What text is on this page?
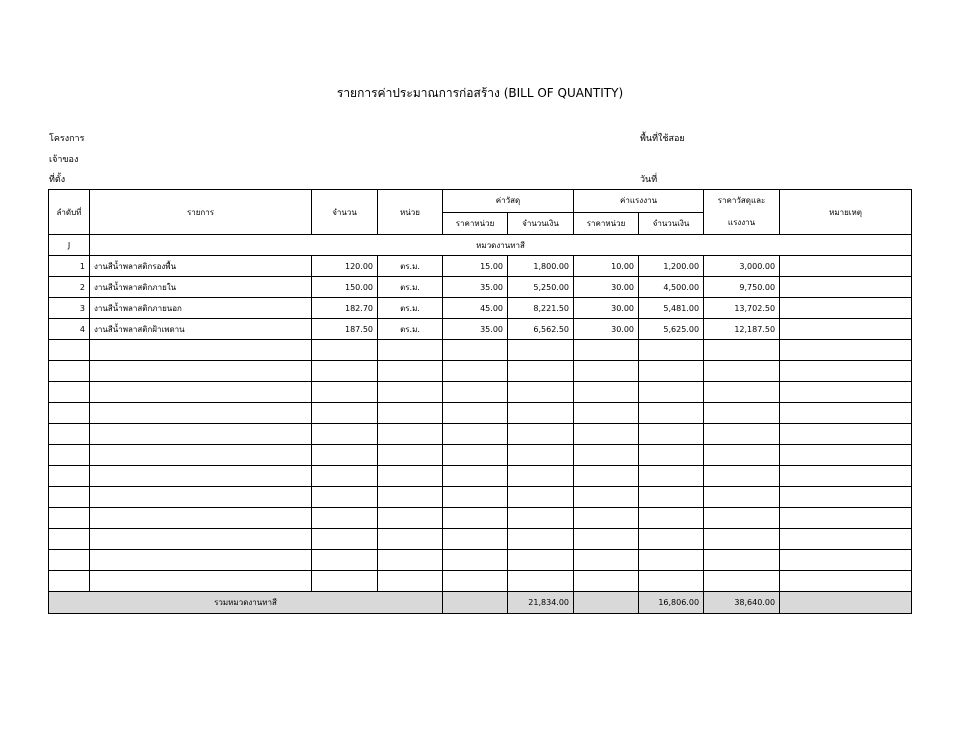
รายการค่าประมาณการก่อสร้าง (BILL OF QUANTITY)
โครงการ
เจ้าของ
ที่ตั้ง
พื้นที่ใช้สอย
วันที่
ลำดับที่	รายการ	จำนวน	หน่วย	ค่าวัสดุ		ค่าแรงงาน		ราคาวัสดุและ
แรงงาน	หมายเหตุ
				ราคาหน่วย	จำนวนเงิน	ราคาหน่วย	จำนวนเงิน		
J	หมวดงานทาสี								
1	งานสีน้ำพลาสติกรองพื้น	120.00	ตร.ม.	15.00	1,800.00	10.00	1,200.00	3,000.00	
2	งานสีน้ำพลาสติกภายใน	150.00	ตร.ม.	35.00	5,250.00	30.00	4,500.00	9,750.00	
3	งานสีน้ำพลาสติกภายนอก	182.70	ตร.ม.	45.00	8,221.50	30.00	5,481.00	13,702.50	
4	งานสีน้ำพลาสติกฝ้าเพดาน	187.50	ตร.ม.	35.00	6,562.50	30.00	5,625.00	12,187.50	

รวมหมวดงานทาสี					21,834.00		16,806.00	38,640.00	
